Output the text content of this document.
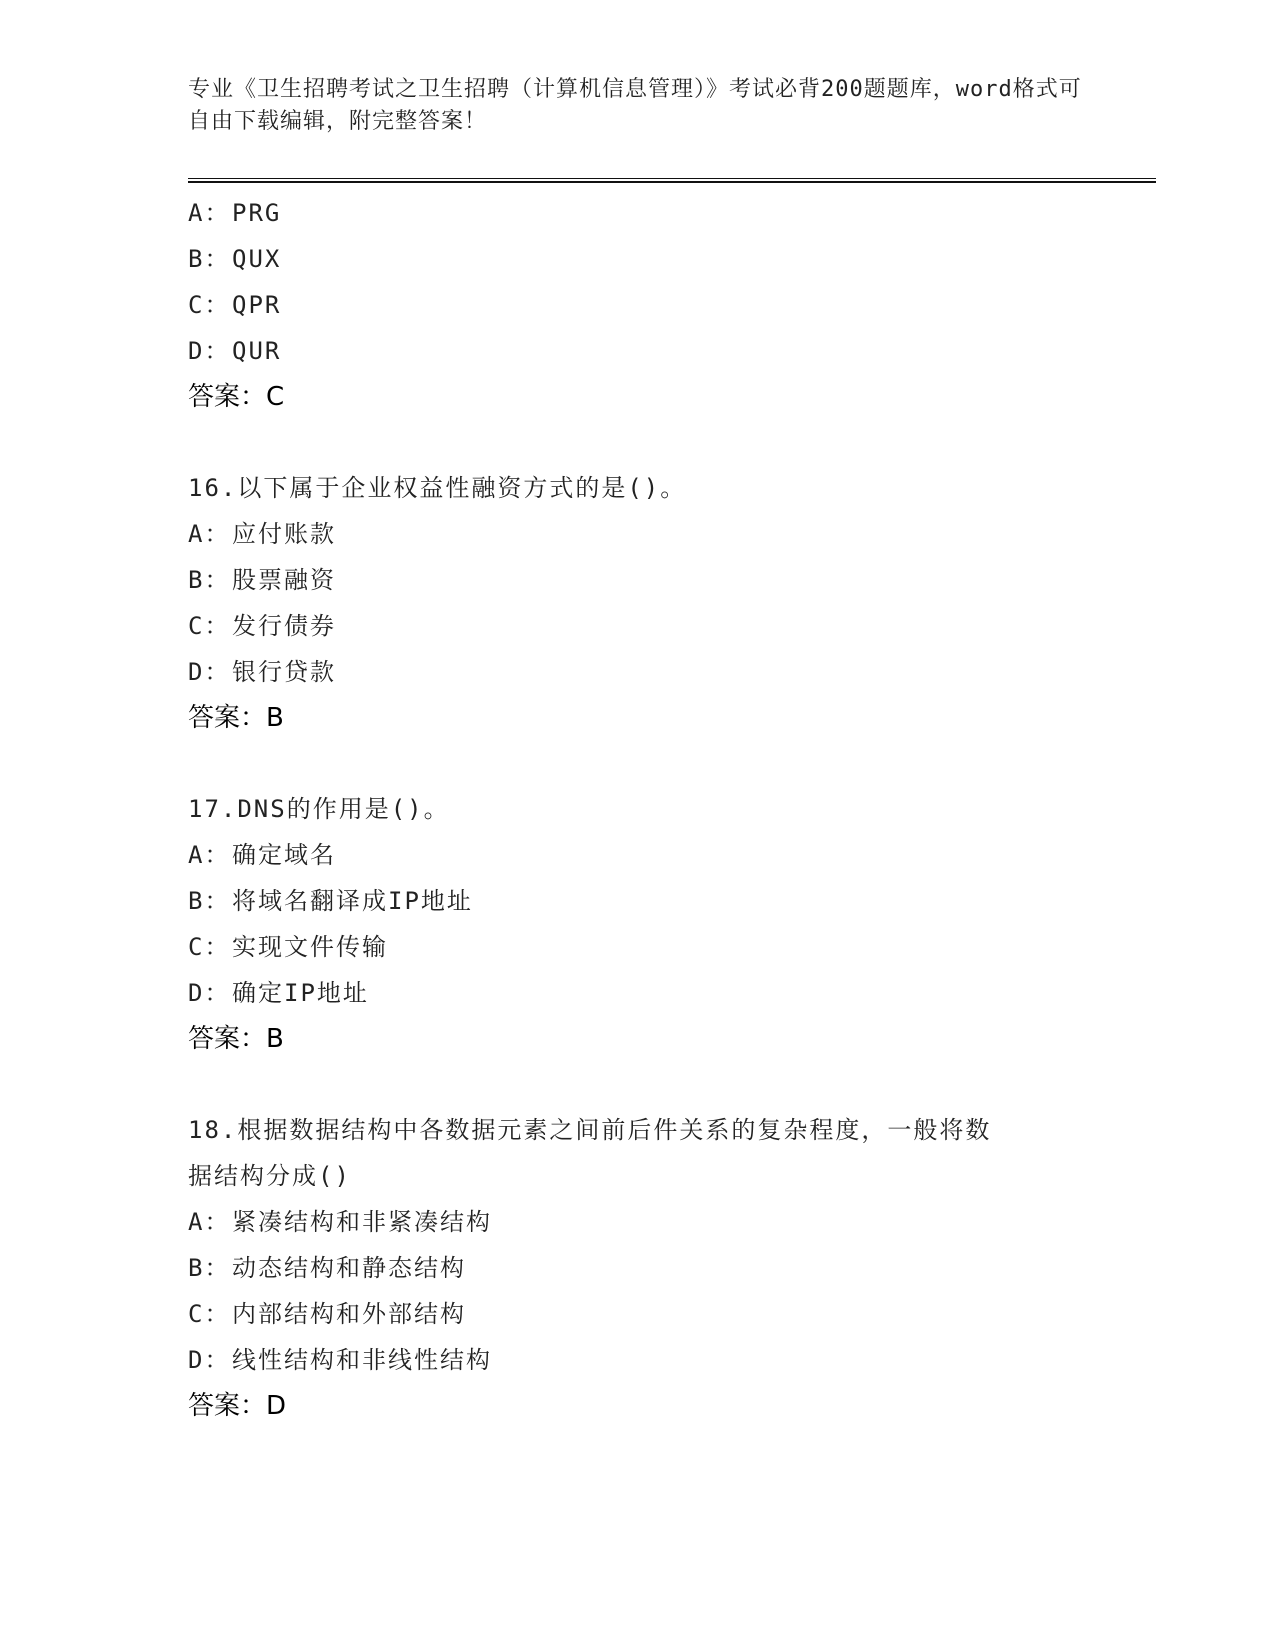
专业《卫生招聘考试之卫生招聘（计算机信息管理）》考试必背200题题库，word格式可自由下载编辑，附完整答案！
A：PRG
B：QUX
C：QPR
D：QUR
答案：C
16.以下属于企业权益性融资方式的是()。
A：应付账款
B：股票融资
C：发行债券
D：银行贷款
答案：B
17.DNS的作用是()。
A：确定域名
B：将域名翻译成IP地址
C：实现文件传输
D：确定IP地址
答案：B
18.根据数据结构中各数据元素之间前后件关系的复杂程度，一般将数
据结构分成()
A：紧凑结构和非紧凑结构
B：动态结构和静态结构
C：内部结构和外部结构
D：线性结构和非线性结构
答案：D
